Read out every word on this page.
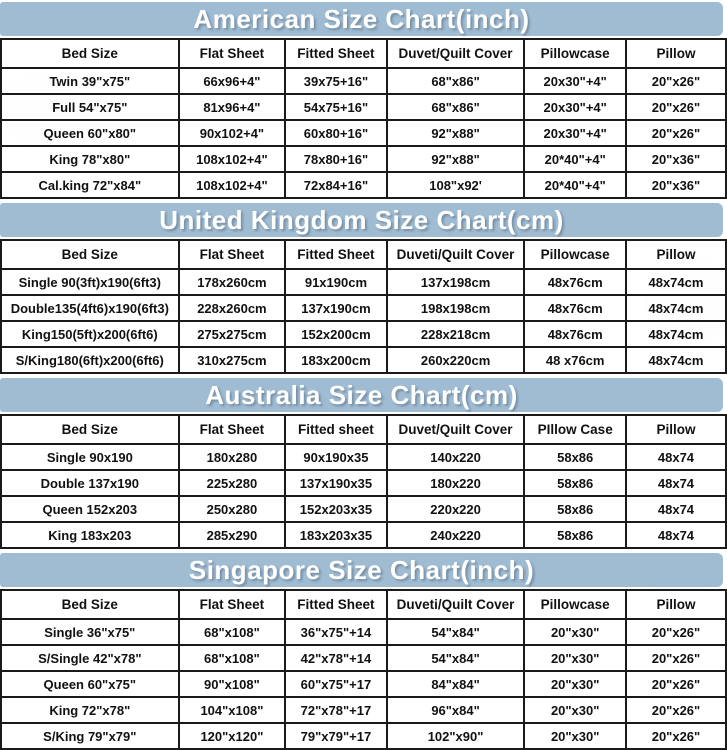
American Size Chart(inch)
Bed Size	Flat Sheet	Fitted Sheet	Duvet/Quilt Cover	Pillowcase	Pillow
Twin 39"x75"	66x96+4"	39x75+16"	68"x86"	20x30"+4"	20"x26"
Full 54"x75"	81x96+4"	54x75+16"	68"x86"	20x30"+4"	20"x26"
Queen 60"x80"	90x102+4"	60x80+16"	92"x88"	20x30"+4"	20"x26"
King 78"x80"	108x102+4"	78x80+16"	92"x88"	20*40"+4"	20"x36"
Cal.king 72"x84"	108x102+4"	72x84+16"	108"x92'	20*40"+4"	20"x36"
United Kingdom Size Chart(cm)
Bed Size	Flat Sheet	Fitted Sheet	Duveti/Quilt Cover	Pillowcase	Pillow
Single 90(3ft)x190(6ft3)	178x260cm	91x190cm	137x198cm	48x76cm	48x74cm
Double135(4ft6)x190(6ft3)	228x260cm	137x190cm	198x198cm	48x76cm	48x74cm
King150(5ft)x200(6ft6)	275x275cm	152x200cm	228x218cm	48x76cm	48x74cm
S/King180(6ft)x200(6ft6)	310x275cm	183x200cm	260x220cm	48 x76cm	48x74cm
Australia Size Chart(cm)
Bed Size	Flat Sheet	Fitted sheet	Duvet/Quilt Cover	PIllow Case	Pillow
Single 90x190	180x280	90x190x35	140x220	58x86	48x74
Double 137x190	225x280	137x190x35	180x220	58x86	48x74
Queen 152x203	250x280	152x203x35	220x220	58x86	48x74
King 183x203	285x290	183x203x35	240x220	58x86	48x74
Singapore Size Chart(inch)
Bed Size	Flat Sheet	Fitted Sheet	Duveti/Quilt Cover	Pillowcase	Pillow
Single 36"x75"	68"x108"	36"x75"+14	54"x84"	20"x30"	20"x26"
S/Single 42"x78"	68"x108"	42"x78"+14	54"x84"	20"x30"	20"x26"
Queen 60"x75"	90"x108"	60"x75"+17	84"x84"	20"x30"	20"x26"
King 72"x78"	104"x108"	72"x78"+17	96"x84"	20"x30"	20"x26"
S/King 79"x79"	120"x120"	79"x79"+17	102"x90"	20"x30"	20"x26"
